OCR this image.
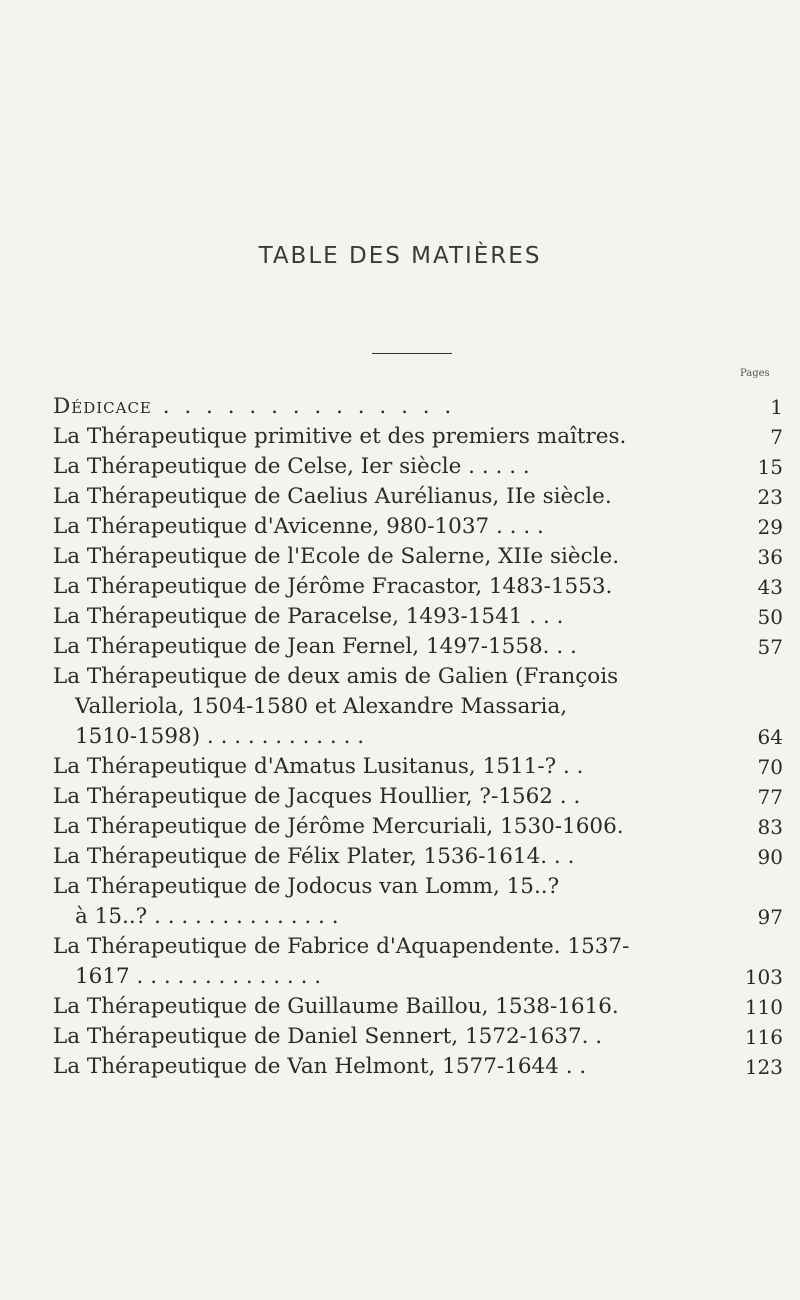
TABLE DES MATIÈRES
Pages
Dédicace . . . . . . . . . . . . . .	1
La Thérapeutique primitive et des premiers maîtres.	7
La Thérapeutique de Celse, Ier siècle . . . . .	15
La Thérapeutique de Caelius Aurélianus, IIe siècle.	23
La Thérapeutique d'Avicenne, 980-1037 . . . .	29
La Thérapeutique de l'Ecole de Salerne, XIIe siècle.	36
La Thérapeutique de Jérôme Fracastor, 1483-1553.	43
La Thérapeutique de Paracelse, 1493-1541 . . .	50
La Thérapeutique de Jean Fernel, 1497-1558. . .	57
La Thérapeutique de deux amis de Galien (François
Valleriola, 1504-1580 et Alexandre Massaria,
1510-1598) . . . . . . . . . . . .	64
La Thérapeutique d'Amatus Lusitanus, 1511-? . .	70
La Thérapeutique de Jacques Houllier, ?-1562 . .	77
La Thérapeutique de Jérôme Mercuriali, 1530-1606.	83
La Thérapeutique de Félix Plater, 1536-1614. . .	90
La Thérapeutique de Jodocus van Lomm, 15..?
à 15..? . . . . . . . . . . . . . .	97
La Thérapeutique de Fabrice d'Aquapendente. 1537-
1617 . . . . . . . . . . . . . .	103
La Thérapeutique de Guillaume Baillou, 1538-1616.	110
La Thérapeutique de Daniel Sennert, 1572-1637. .	116
La Thérapeutique de Van Helmont, 1577-1644 . .	123
